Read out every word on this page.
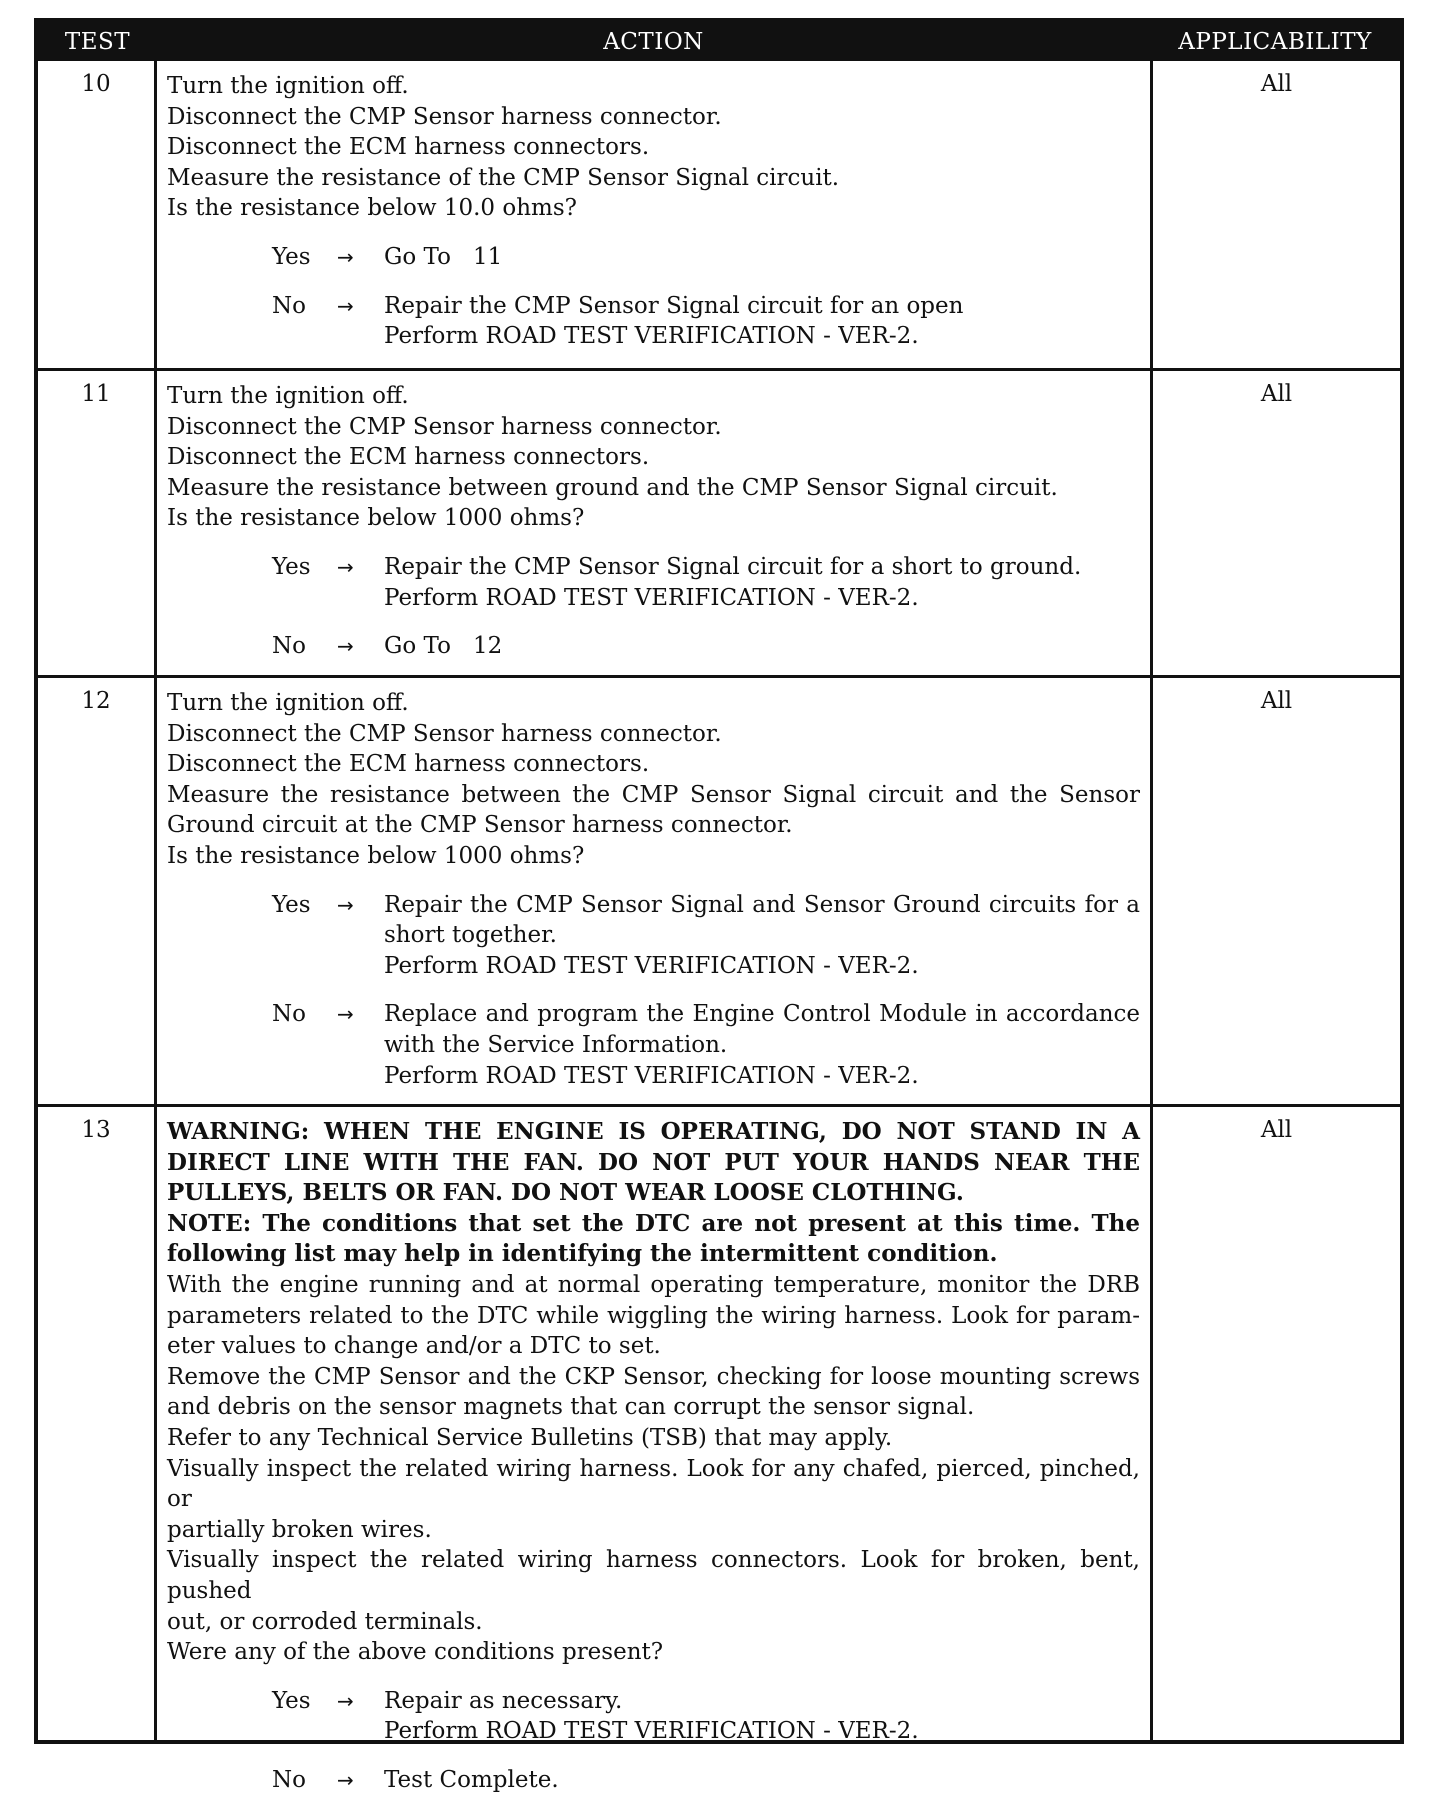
TEST	ACTION	APPLICABILITY
10	Turn the ignition off.
Disconnect the CMP Sensor harness connector.
Disconnect the ECM harness connectors.
Measure the resistance of the CMP Sensor Signal circuit.
Is the resistance below 10.0 ohms?
Yes → Go To 11
No → Repair the CMP Sensor Signal circuit for an open
Perform ROAD TEST VERIFICATION - VER-2.
All
11	Turn the ignition off.
Disconnect the CMP Sensor harness connector.
Disconnect the ECM harness connectors.
Measure the resistance between ground and the CMP Sensor Signal circuit.
Is the resistance below 1000 ohms?
Yes → Repair the CMP Sensor Signal circuit for a short to ground.
Perform ROAD TEST VERIFICATION - VER-2.
No → Go To 12
All
12	Turn the ignition off.
Disconnect the CMP Sensor harness connector.
Disconnect the ECM harness connectors.
Measure the resistance between the CMP Sensor Signal circuit and the Sensor
Ground circuit at the CMP Sensor harness connector.
Is the resistance below 1000 ohms?
Yes → Repair the CMP Sensor Signal and Sensor Ground circuits for a
short together.
Perform ROAD TEST VERIFICATION - VER-2.
No → Replace and program the Engine Control Module in accordance
with the Service Information.
Perform ROAD TEST VERIFICATION - VER-2.
All
13	WARNING: WHEN THE ENGINE IS OPERATING, DO NOT STAND IN A
DIRECT LINE WITH THE FAN. DO NOT PUT YOUR HANDS NEAR THE
PULLEYS, BELTS OR FAN. DO NOT WEAR LOOSE CLOTHING.
NOTE: The conditions that set the DTC are not present at this time. The
following list may help in identifying the intermittent condition.
With the engine running and at normal operating temperature, monitor the DRB
parameters related to the DTC while wiggling the wiring harness. Look for param-
eter values to change and/or a DTC to set.
Remove the CMP Sensor and the CKP Sensor, checking for loose mounting screws
and debris on the sensor magnets that can corrupt the sensor signal.
Refer to any Technical Service Bulletins (TSB) that may apply.
Visually inspect the related wiring harness. Look for any chafed, pierced, pinched, or
partially broken wires.
Visually inspect the related wiring harness connectors. Look for broken, bent, pushed
out, or corroded terminals.
Were any of the above conditions present?
Yes → Repair as necessary.
Perform ROAD TEST VERIFICATION - VER-2.
No → Test Complete.
All
